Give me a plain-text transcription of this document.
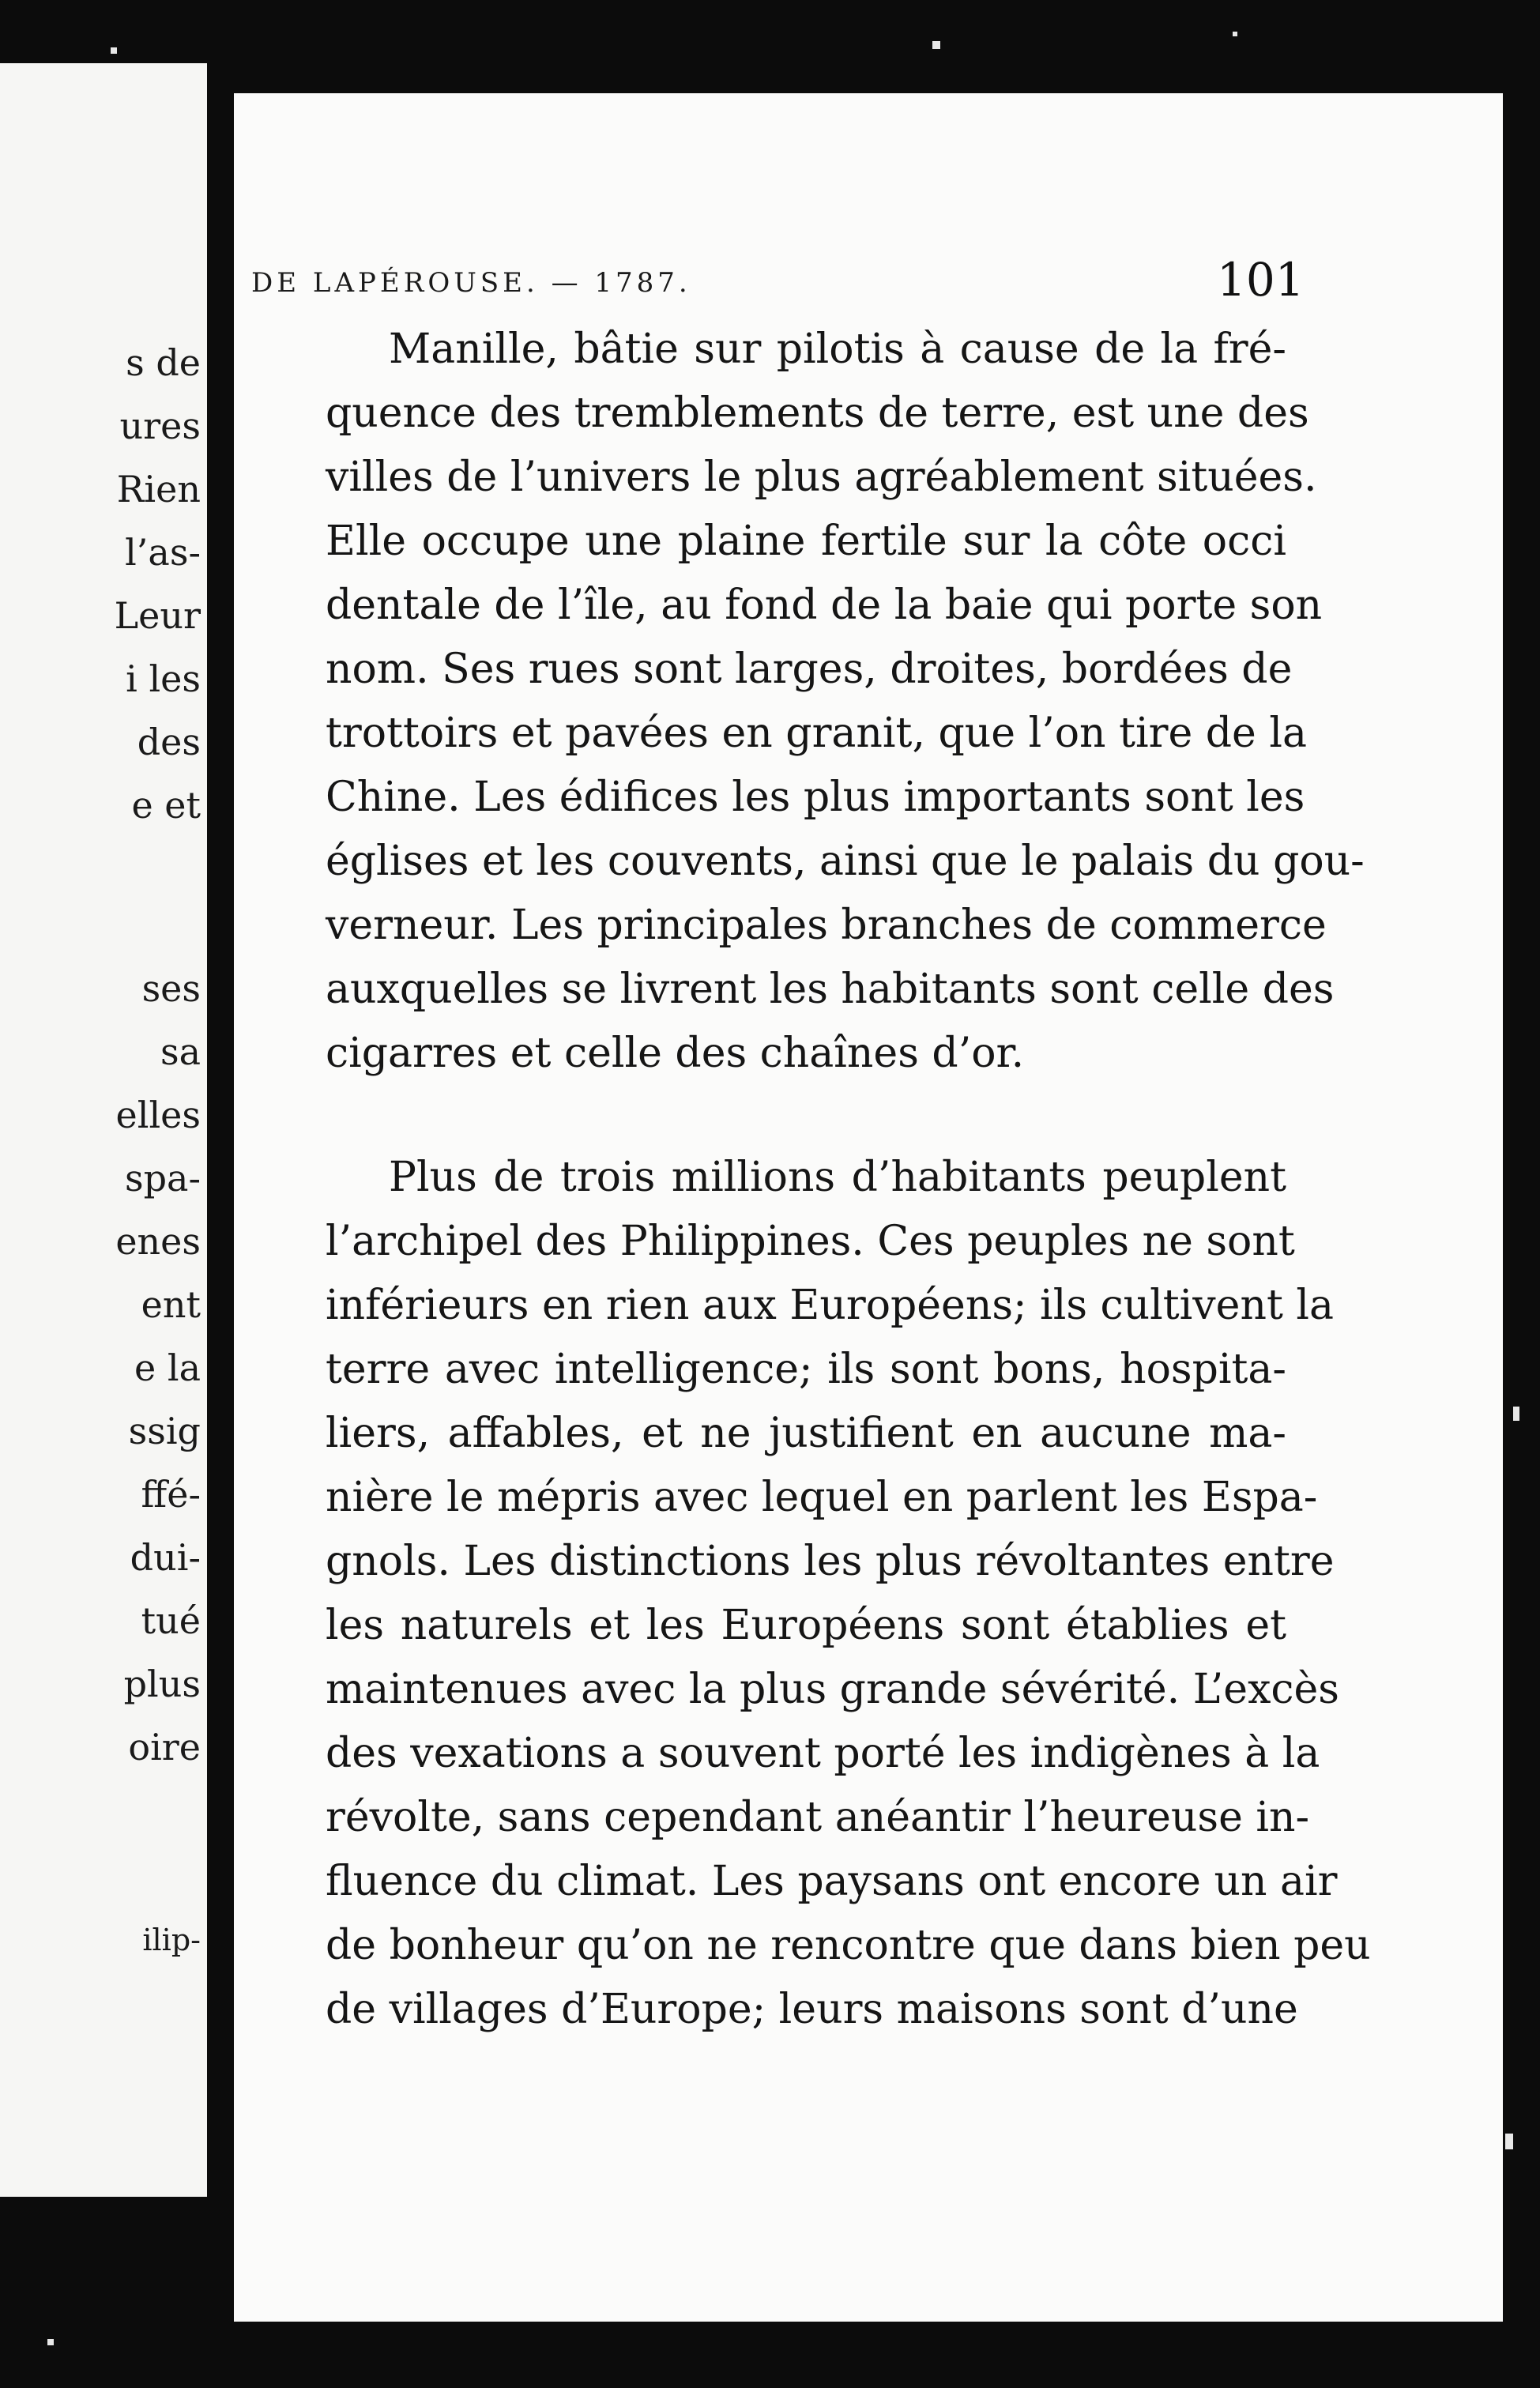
s de
ures
Rien
l’as-
Leur
i les
des
e et
ses
sa
elles
spa-
enes
ent
e la
ssig
ffé-
dui-
tué
plus
oire
ilip-
DE LAPÉROUSE. — 1787.	101
Manille, bâtie sur pilotis à cause de la fré-
quence des tremblements de terre, est une des
villes de l’univers le plus agréablement situées.
Elle occupe une plaine fertile sur la côte occi
dentale de l’île, au fond de la baie qui porte son
nom. Ses rues sont larges, droites, bordées de
trottoirs et pavées en granit, que l’on tire de la
Chine. Les édifices les plus importants sont les
églises et les couvents, ainsi que le palais du gou-
verneur. Les principales branches de commerce
auxquelles se livrent les habitants sont celle des
cigarres et celle des chaînes d’or.
Plus de trois millions d’habitants peuplent
l’archipel des Philippines. Ces peuples ne sont
inférieurs en rien aux Européens; ils cultivent la
terre avec intelligence; ils sont bons, hospita-
liers, affables, et ne justifient en aucune ma-
nière le mépris avec lequel en parlent les Espa-
gnols. Les distinctions les plus révoltantes entre
les naturels et les Européens sont établies et
maintenues avec la plus grande sévérité. L’excès
des vexations a souvent porté les indigènes à la
révolte, sans cependant anéantir l’heureuse in-
fluence du climat. Les paysans ont encore un air
de bonheur qu’on ne rencontre que dans bien peu
de villages d’Europe; leurs maisons sont d’une
